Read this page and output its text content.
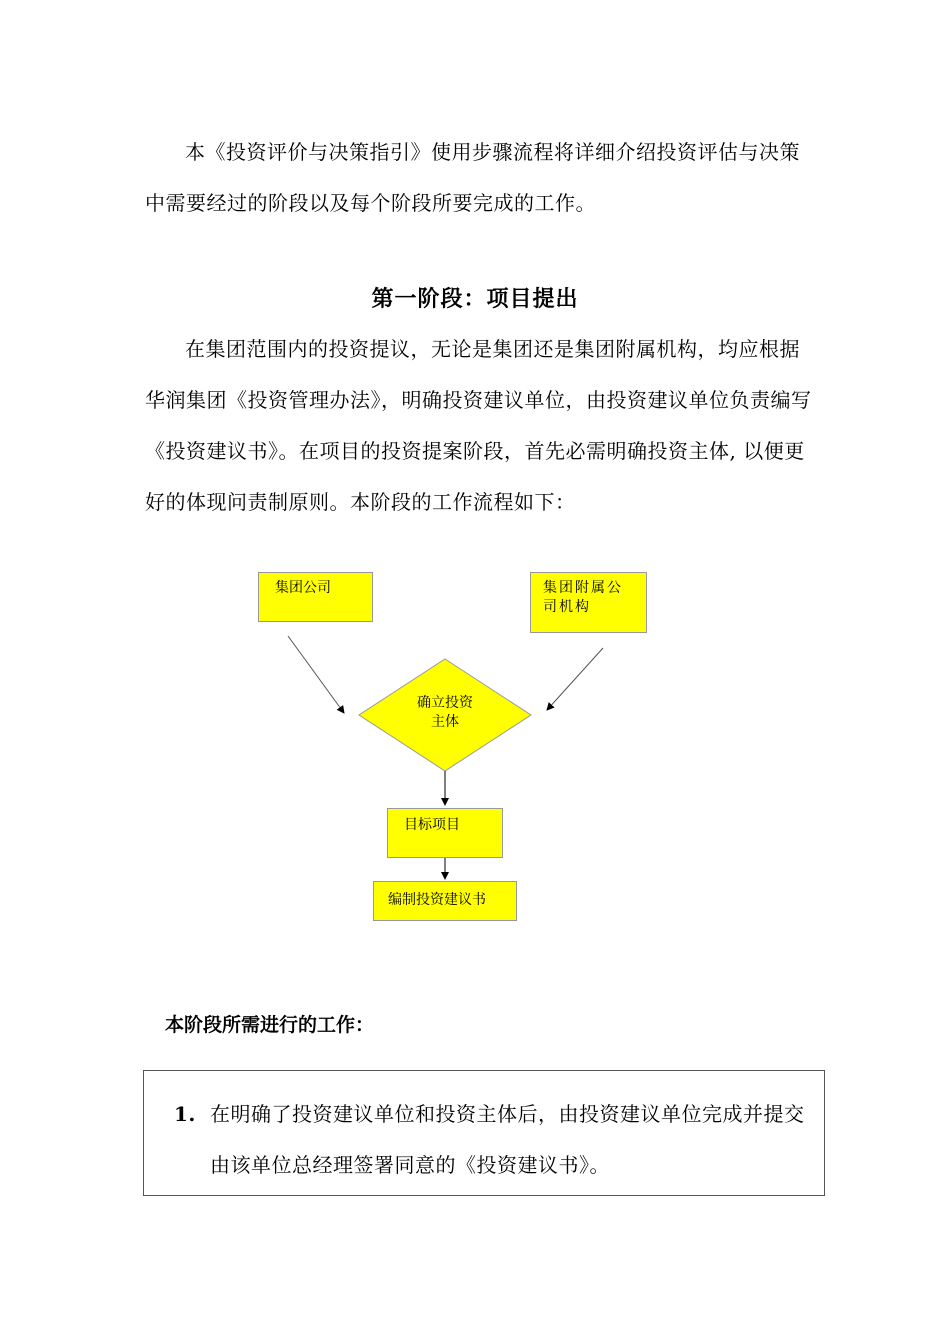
本《投资评价与决策指引》使用步骤流程将详细介绍投资评估与决策中需要经过的阶段以及每个阶段所要完成的工作。

第一阶段：项目提出

在集团范围内的投资提议，无论是集团还是集团附属机构，均应根据华润集团《投资管理办法》，明确投资建议单位，由投资建议单位负责编写《投资建议书》。在项目的投资提案阶段，首先必需明确投资主体, 以便更好的体现问责制原则。本阶段的工作流程如下：

集团公司	集团附属公司机构
确立投资
主体
目标项目
编制投资建议书
本阶段所需进行的工作：
1. 在明确了投资建议单位和投资主体后，由投资建议单位完成并提交由该单位总经理签署同意的《投资建议书》。
